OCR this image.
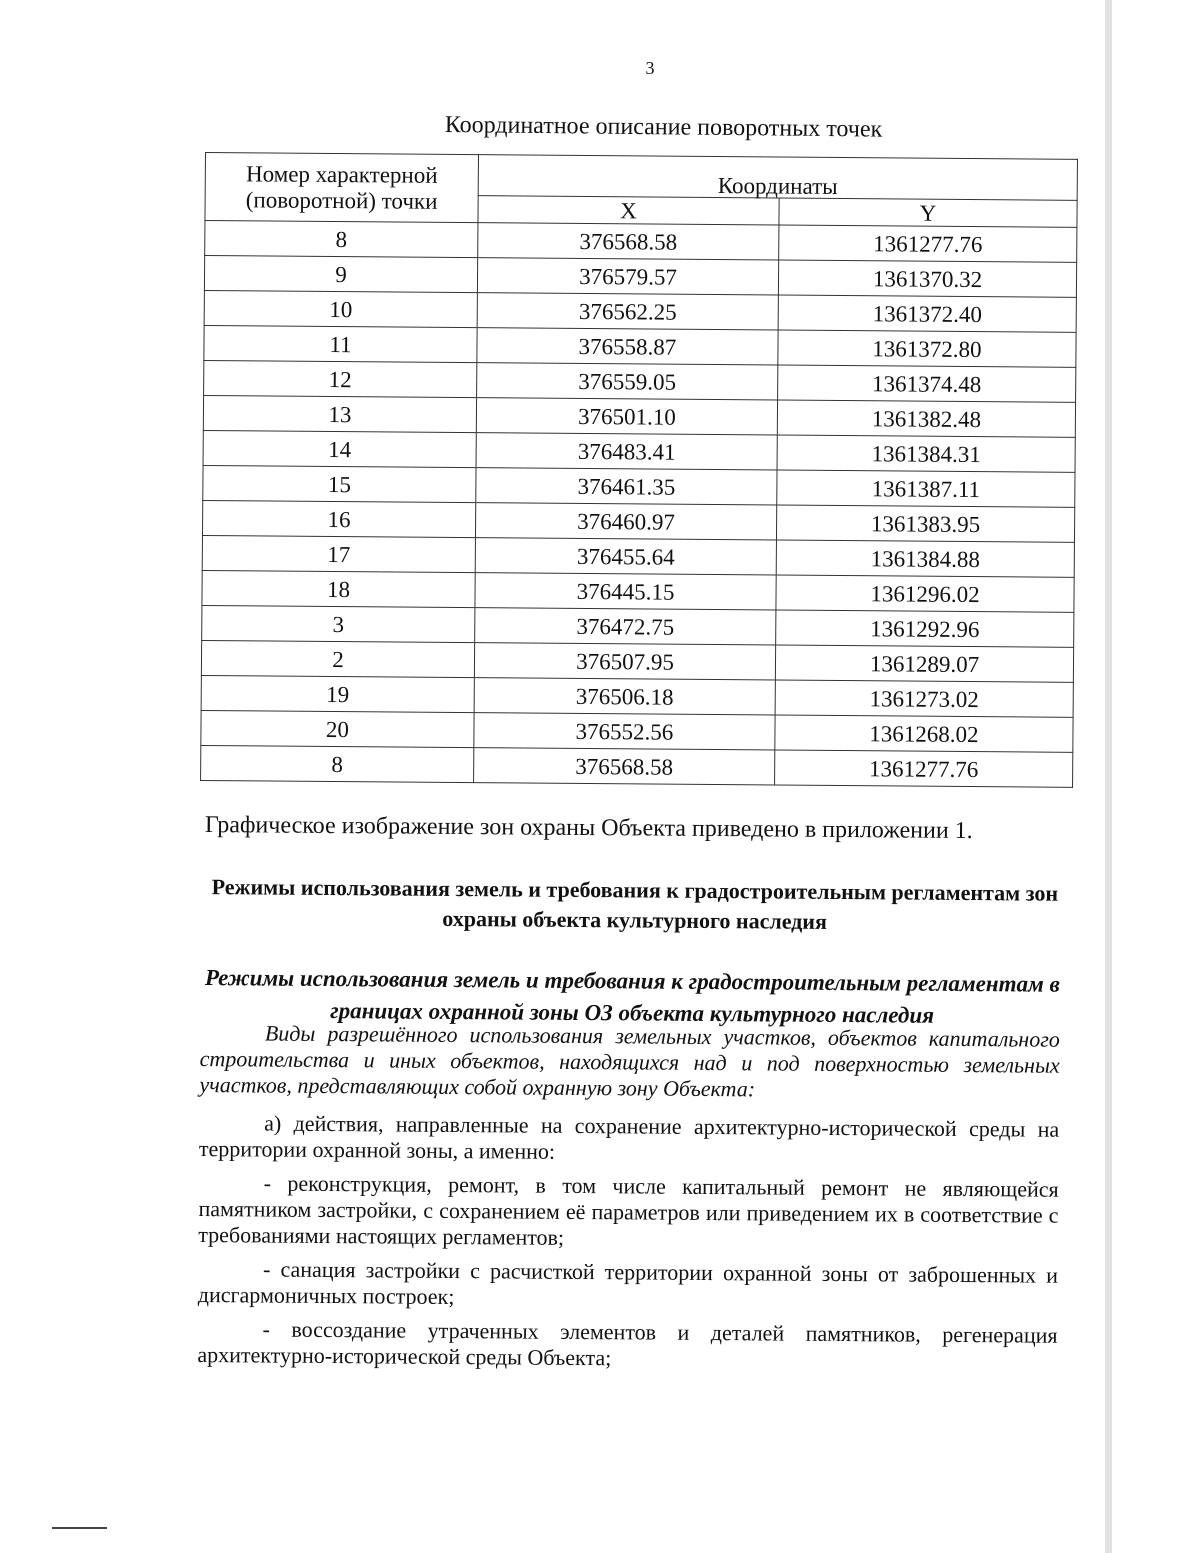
3
Координатное описание поворотных точек
Номер характерной (поворотной) точки	Координаты	
	X	Y
8	376568.58	1361277.76
9	376579.57	1361370.32
10	376562.25	1361372.40
11	376558.87	1361372.80
12	376559.05	1361374.48
13	376501.10	1361382.48
14	376483.41	1361384.31
15	376461.35	1361387.11
16	376460.97	1361383.95
17	376455.64	1361384.88
18	376445.15	1361296.02
3	376472.75	1361292.96
2	376507.95	1361289.07
19	376506.18	1361273.02
20	376552.56	1361268.02
8	376568.58	1361277.76
Графическое изображение зон охраны Объекта приведено в приложении 1.
Режимы использования земель и требования к градостроительным регламентам зон охраны объекта культурного наследия
Режимы использования земель и требования к градостроительным регламентам в границах охранной зоны ОЗ объекта культурного наследия

Виды разрешённого использования земельных участков, объектов капитального строительства и иных объектов, находящихся над и под поверхностью земельных участков, представляющих собой охранную зону Объекта:

а) действия, направленные на сохранение архитектурно-исторической среды на территории охранной зоны, а именно:

- реконструкция, ремонт, в том числе капитальный ремонт не являющейся памятником застройки, с сохранением её параметров или приведением их в соответствие с требованиями настоящих регламентов;

- санация застройки с расчисткой территории охранной зоны от заброшенных и дисгармоничных построек;

- воссоздание утраченных элементов и деталей памятников, регенерация архитектурно-исторической среды Объекта;
